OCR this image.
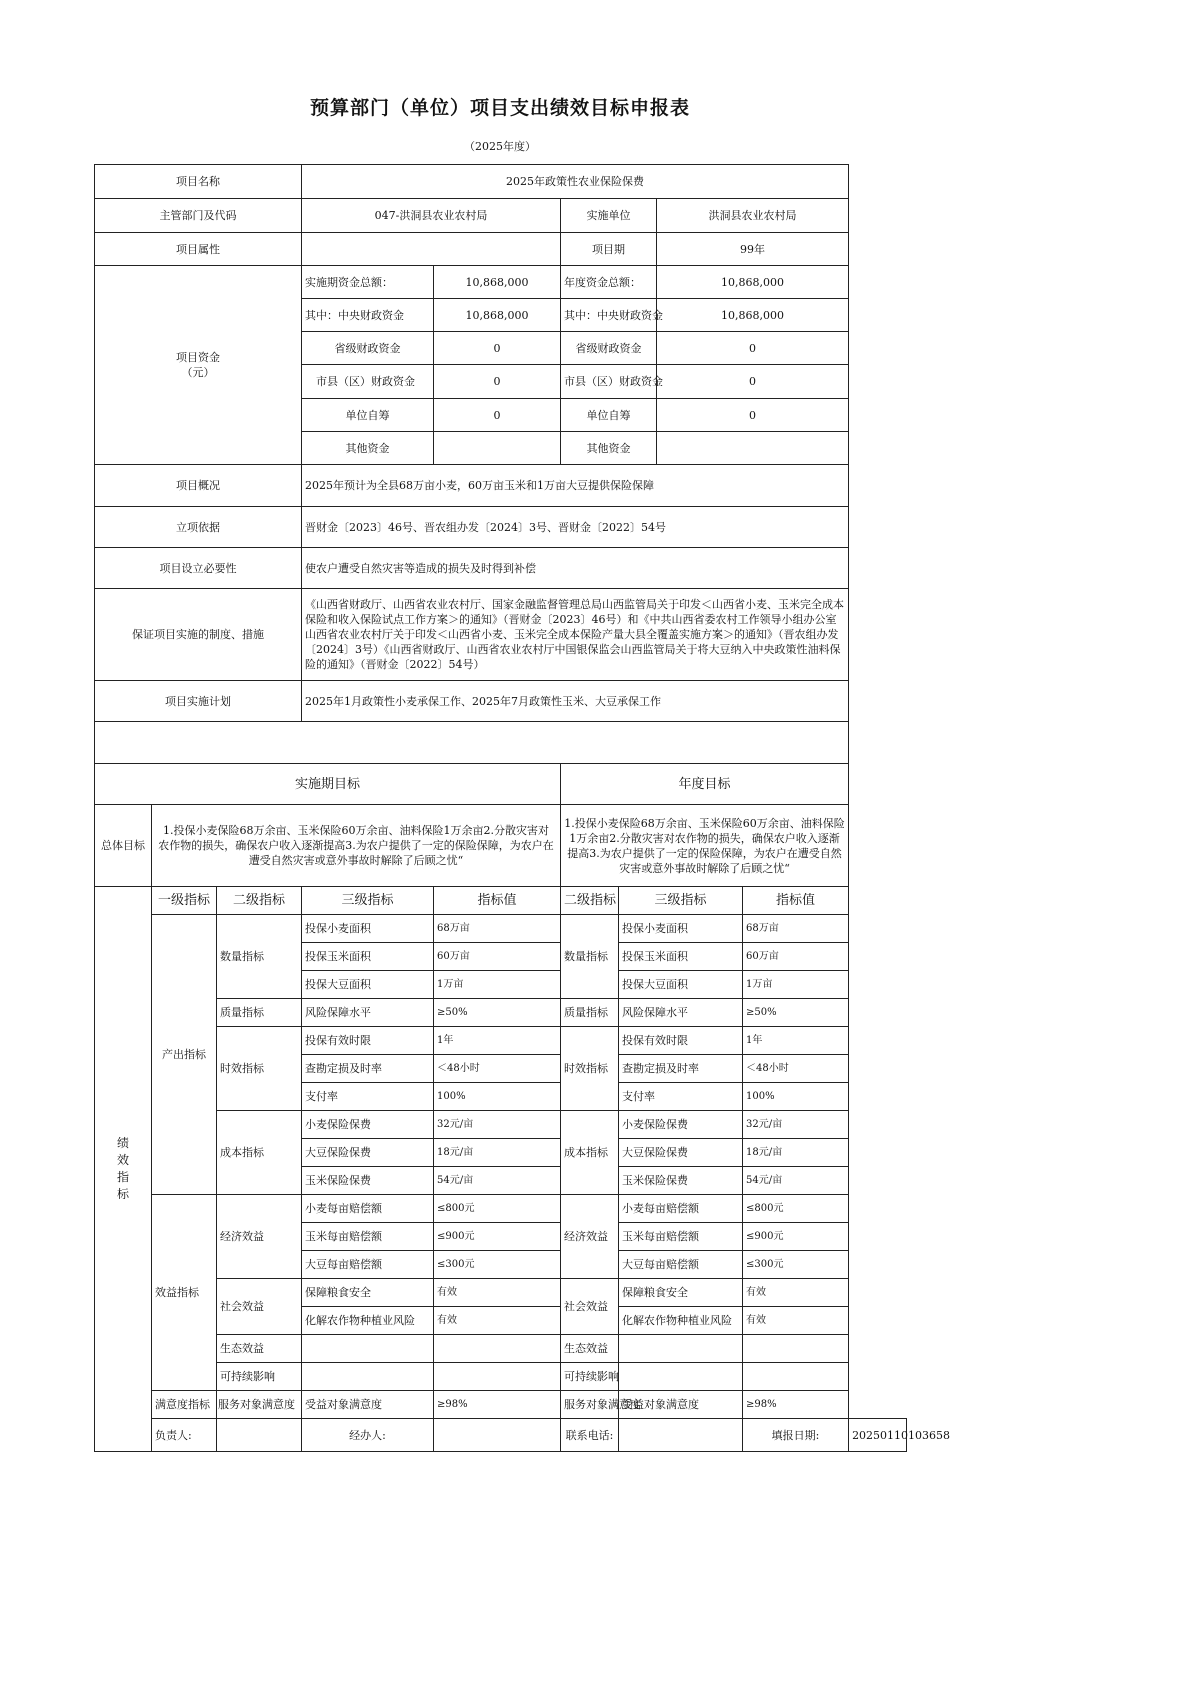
预算部门（单位）项目支出绩效目标申报表
（2025年度）
项目名称			2025年政策性农业保险保费						
主管部门及代码			047-洪洞县农业农村局		实施单位		洪洞县农业农村局		
项目属性					项目期		99年		
项目资金
（元）			实施期资金总额：	10,868,000	年度资金总额：		10,868,000		
			其中：中央财政资金	10,868,000	其中：中央财政资金		10,868,000		
			省级财政资金	0	省级财政资金		0		
			市县（区）财政资金	0	市县（区）财政资金		0		
			单位自筹	0	单位自筹		0		
			其他资金		其他资金				
项目概况			2025年预计为全县68万亩小麦，60万亩玉米和1万亩大豆提供保险保障						
立项依据			晋财金〔2023〕46号、晋农组办发〔2024〕3号、晋财金〔2022〕54号						
项目设立必要性			使农户遭受自然灾害等造成的损失及时得到补偿						
保证项目实施的制度、措施			《山西省财政厅、山西省农业农村厅、国家金融监督管理总局山西监管局关于印发＜山西省小麦、玉米完全成本保险和收入保险试点工作方案＞的通知》（晋财金〔2023〕46号）和《中共山西省委农村工作领导小组办公室山西省农业农村厅关于印发＜山西省小麦、玉米完全成本保险产量大县全覆盖实施方案＞的通知》（晋农组办发〔2024〕3号）《山西省财政厅、山西省农业农村厅中国银保监会山西监管局关于将大豆纳入中央政策性油料保险的通知》（晋财金〔2022〕54号）						
项目实施计划			2025年1月政策性小麦承保工作、2025年7月政策性玉米、大豆承保工作						

实施期目标					年度目标				
总体目标	1.投保小麦保险68万余亩、玉米保险60万余亩、油料保险1万余亩2.分散灾害对农作物的损失，确保农户收入逐渐提高3.为农户提供了一定的保险保障，为农户在遭受自然灾害或意外事故时解除了后顾之忧“				1.投保小麦保险68万余亩、玉米保险60万余亩、油料保险1万余亩2.分散灾害对农作物的损失，确保农户收入逐渐提高3.为农户提供了一定的保险保障，为农户在遭受自然灾害或意外事故时解除了后顾之忧“				
绩效指标	一级指标	二级指标	三级指标	指标值	二级指标	三级指标		指标值	
	产出指标	数量指标	投保小麦面积	68万亩	数量指标	投保小麦面积		68万亩	
			投保玉米面积	60万亩		投保玉米面积		60万亩	
			投保大豆面积	1万亩		投保大豆面积		1万亩	
		质量指标	风险保障水平	≥50%	质量指标	风险保障水平		≥50%	
		时效指标	投保有效时限	1年	时效指标	投保有效时限		1年	
			查勘定损及时率	＜48小时		查勘定损及时率		＜48小时	
			支付率	100%		支付率		100%	
		成本指标	小麦保险保费	32元/亩	成本指标	小麦保险保费		32元/亩	
			大豆保险保费	18元/亩		大豆保险保费		18元/亩	
			玉米保险保费	54元/亩		玉米保险保费		54元/亩	
	效益指标	经济效益	小麦每亩赔偿额	≤800元	经济效益	小麦每亩赔偿额		≤800元	
			玉米每亩赔偿额	≤900元		玉米每亩赔偿额		≤900元	
			大豆每亩赔偿额	≤300元		大豆每亩赔偿额		≤300元	
		社会效益	保障粮食安全	有效	社会效益	保障粮食安全		有效	
			化解农作物种植业风险	有效		化解农作物种植业风险		有效	
		生态效益			生态效益				
		可持续影响			可持续影响				
	满意度指标	服务对象满意度	受益对象满意度	≥98%	服务对象满意度	受益对象满意度		≥98%	
	负责人:		经办人:		联系电话:			填报日期:	20250110103658
